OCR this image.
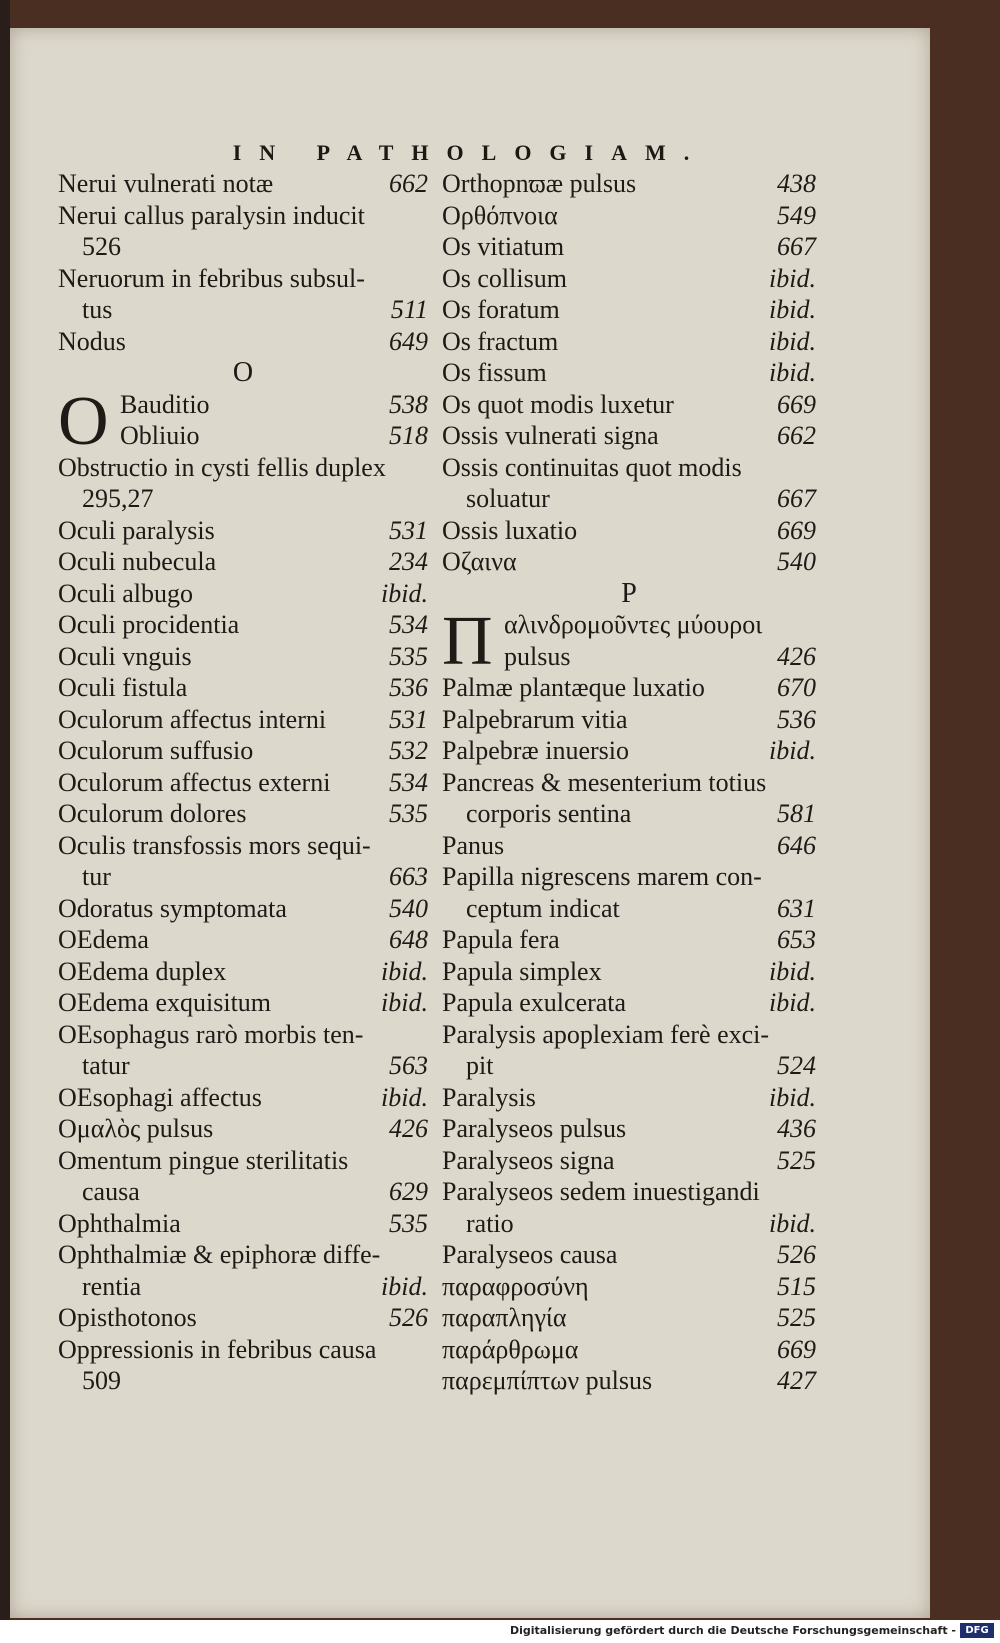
IN PATHOLOGIAM.
Nerui vulnerati notæ	662
Nerui callus paralysin inducit
526
Neruorum in febribus subsul-
tus	511
Nodus	649
O
O Bauditio	538
Obliuio	518
Obstructio in cysti fellis duplex
295,27
Oculi paralysis	531
Oculi nubecula	234
Oculi albugo	ibid.
Oculi procidentia	534
Oculi vnguis	535
Oculi fistula	536
Oculorum affectus interni 531
Oculorum suffusio	532
Oculorum affectus externi 534
Oculorum dolores	535
Oculis transfossis mors sequi-
tur	663
Odoratus symptomata	540
OEdema	648
OEdema duplex	ibid.
OEdema exquisitum	ibid.
OEsophagus rarò morbis ten-
tatur	563
OEsophagi affectus	ibid.
Ομαλὸς pulsus	426
Omentum pingue sterilitatis
causa	629
Ophthalmia	535
Ophthalmiæ & epiphoræ diffe-
rentia	ibid.
Opisthotonos	526
Oppressionis in febribus causa
509
Orthopnϖæ pulsus	438
Ορθόπνοια	549
Os vitiatum	667
Os collisum	ibid.
Os foratum	ibid.
Os fractum	ibid.
Os fissum	ibid.
Os quot modis luxetur	669
Ossis vulnerati signa	662
Ossis continuitas quot modis
soluatur	667
Ossis luxatio	669
Οζαινα	540
P
Π αλινδρομοῦντες μύουροι
pulsus	426
Palmæ plantæque luxatio	670
Palpebrarum vitia	536
Palpebræ inuersio	ibid.
Pancreas & mesenterium totius
corporis sentina	581
Panus	646
Papilla nigrescens marem con-
ceptum indicat	631
Papula fera	653
Papula simplex	ibid.
Papula exulcerata	ibid.
Paralysis apoplexiam ferè exci-
pit	524
Paralysis	ibid.
Paralyseos pulsus	436
Paralyseos signa	525
Paralyseos sedem inuestigandi
ratio	ibid.
Paralyseos causa	526
παραφροσύνη	515
παραπληγία	525
παράρθρωμα	669
παρεμπίπτων pulsus	427
Digitalisierung gefördert durch die Deutsche Forschungsgemeinschaft - DFG
